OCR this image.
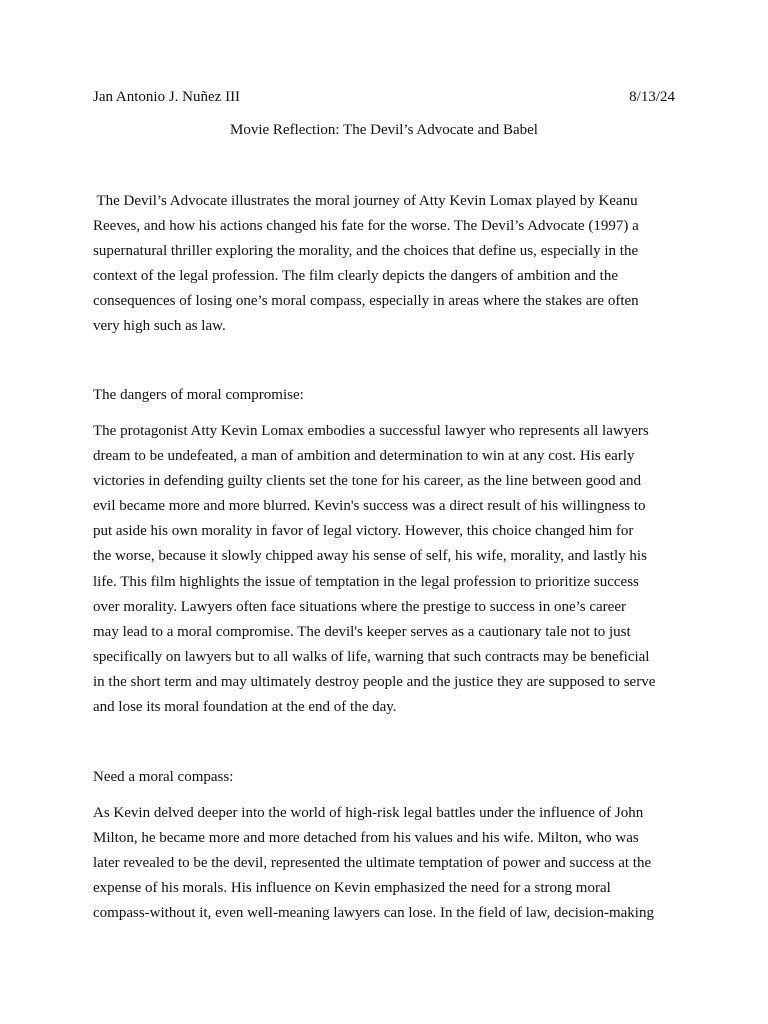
Jan Antonio J. Nuñez III	8/13/24
Movie Reflection: The Devil’s Advocate and Babel
The Devil’s Advocate illustrates the moral journey of Atty Kevin Lomax played by Keanu
Reeves, and how his actions changed his fate for the worse. The Devil’s Advocate (1997) a
supernatural thriller exploring the morality, and the choices that define us, especially in the
context of the legal profession. The film clearly depicts the dangers of ambition and the
consequences of losing one’s moral compass, especially in areas where the stakes are often
very high such as law.
The dangers of moral compromise:
The protagonist Atty Kevin Lomax embodies a successful lawyer who represents all lawyers
dream to be undefeated, a man of ambition and determination to win at any cost. His early
victories in defending guilty clients set the tone for his career, as the line between good and
evil became more and more blurred. Kevin's success was a direct result of his willingness to
put aside his own morality in favor of legal victory. However, this choice changed him for
the worse, because it slowly chipped away his sense of self, his wife, morality, and lastly his
life. This film highlights the issue of temptation in the legal profession to prioritize success
over morality. Lawyers often face situations where the prestige to success in one’s career
may lead to a moral compromise. The devil's keeper serves as a cautionary tale not to just
specifically on lawyers but to all walks of life, warning that such contracts may be beneficial
in the short term and may ultimately destroy people and the justice they are supposed to serve
and lose its moral foundation at the end of the day.
Need a moral compass:
As Kevin delved deeper into the world of high-risk legal battles under the influence of John
Milton, he became more and more detached from his values and his wife. Milton, who was
later revealed to be the devil, represented the ultimate temptation of power and success at the
expense of his morals. His influence on Kevin emphasized the need for a strong moral
compass-without it, even well-meaning lawyers can lose. In the field of law, decision-making
